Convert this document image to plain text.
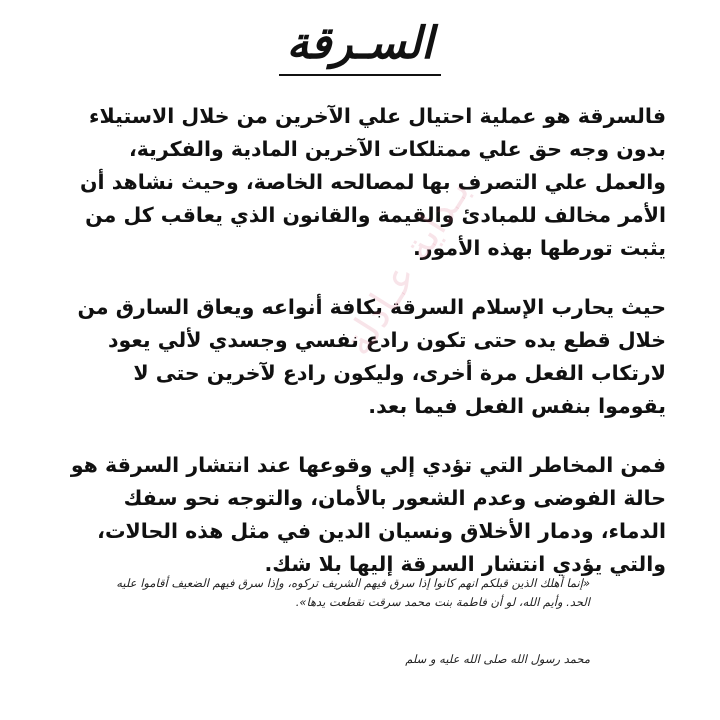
السـرقة

فالسرقة هو عملية احتيال علي الآخرين من خلال الاستيلاء بدون وجه حق علي ممتلكات الآخرين المادية والفكرية، والعمل علي التصرف بها لمصالحه الخاصة، وحيث نشاهد أن الأمر مخالف للمبادئ والقيمة والقانون الذي يعاقب كل من يثبت تورطها بهذه الأمور.

حيث يحارب الإسلام السرقة بكافة أنواعه ويعاق السارق من خلال قطع يده حتى تكون رادع نفسي وجسدي لألي يعود لارتكاب الفعل مرة أخرى، وليكون رادع لآخرين حتى لا يقوموا بنفس الفعل فيما بعد.

فمن المخاطر التي تؤدي إلي وقوعها عند انتشار السرقة هو حالة الفوضى وعدم الشعور بالأمان، والتوجه نحو سفك الدماء، ودمار الأخلاق ونسيان الدين في مثل هذه الحالات، والتي يؤدي انتشار السرقة إليها بلا شك.

«إنما أهلك الذين قبلكم انهم كانوا إذا سرق فيهم الشريف تركوه، وإذا سرق فيهم الضعيف أقاموا عليه الحد. وأيم الله، لو أن فاطمة بنت محمد سرقت نقطعت يدها».
محمد رسول الله صلى الله عليه و سلم
بـداية عـادلة
